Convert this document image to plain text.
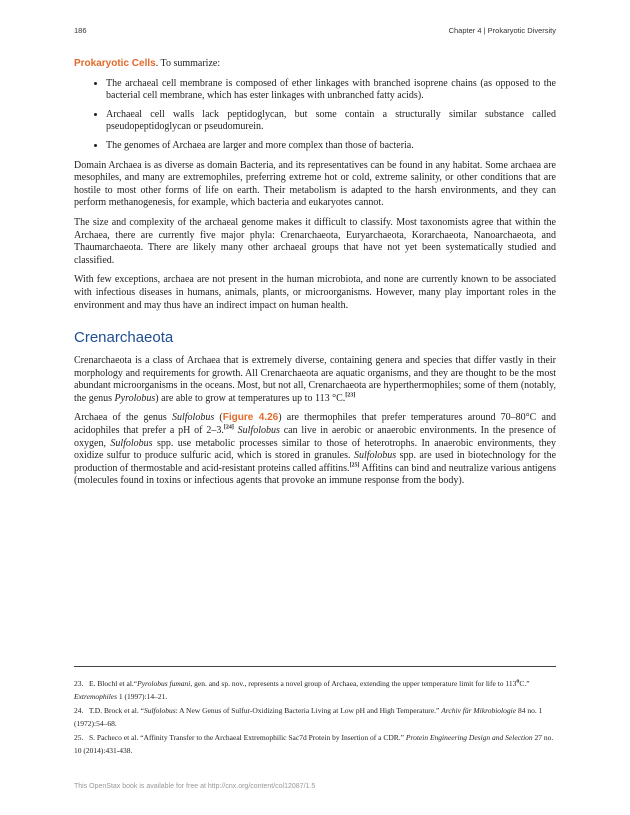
186	Chapter 4 | Prokaryotic Diversity

Prokaryotic Cells. To summarize:

• The archaeal cell membrane is composed of ether linkages with branched isoprene chains (as opposed to the bacterial cell membrane, which has ester linkages with unbranched fatty acids).
• Archaeal cell walls lack peptidoglycan, but some contain a structurally similar substance called pseudopeptidoglycan or pseudomurein.
• The genomes of Archaea are larger and more complex than those of bacteria.

Domain Archaea is as diverse as domain Bacteria, and its representatives can be found in any habitat. Some archaea are mesophiles, and many are extremophiles, preferring extreme hot or cold, extreme salinity, or other conditions that are hostile to most other forms of life on earth. Their metabolism is adapted to the harsh environments, and they can perform methanogenesis, for example, which bacteria and eukaryotes cannot.

The size and complexity of the archaeal genome makes it difficult to classify. Most taxonomists agree that within the Archaea, there are currently five major phyla: Crenarchaeota, Euryarchaeota, Korarchaeota, Nanoarchaeota, and Thaumarchaeota. There are likely many other archaeal groups that have not yet been systematically studied and classified.

With few exceptions, archaea are not present in the human microbiota, and none are currently known to be associated with infectious diseases in humans, animals, plants, or microorganisms. However, many play important roles in the environment and may thus have an indirect impact on human health.

Crenarchaeota

Crenarchaeota is a class of Archaea that is extremely diverse, containing genera and species that differ vastly in their morphology and requirements for growth. All Crenarchaeota are aquatic organisms, and they are thought to be the most abundant microorganisms in the oceans. Most, but not all, Crenarchaeota are hyperthermophiles; some of them (notably, the genus Pyrolobus) are able to grow at temperatures up to 113 °C.[23]

Archaea of the genus Sulfolobus (Figure 4.26) are thermophiles that prefer temperatures around 70–80°C and acidophiles that prefer a pH of 2–3.[24] Sulfolobus can live in aerobic or anaerobic environments. In the presence of oxygen, Sulfolobus spp. use metabolic processes similar to those of heterotrophs. In anaerobic environments, they oxidize sulfur to produce sulfuric acid, which is stored in granules. Sulfolobus spp. are used in biotechnology for the production of thermostable and acid-resistant proteins called affitins.[25] Affitins can bind and neutralize various antigens (molecules found in toxins or infectious agents that provoke an immune response from the body).

23. E. Blochl et al.“Pyrolobus fumani, gen. and sp. nov., represents a novel group of Archaea, extending the upper temperature limit for life to 113$^o$C.” Extremophiles 1 (1997):14–21.
24. T.D. Brock et al. “Sulfolobus: A New Genus of Sulfur-Oxidizing Bacteria Living at Low pH and High Temperature.” Archiv für Mikrobiologie 84 no. 1 (1972):54–68.
25. S. Pacheco et al. “Affinity Transfer to the Archaeal Extremophilic Sac7d Protein by Insertion of a CDR.” Protein Engineering Design and Selection 27 no. 10 (2014):431-438.
This OpenStax book is available for free at http://cnx.org/content/col12087/1.5
